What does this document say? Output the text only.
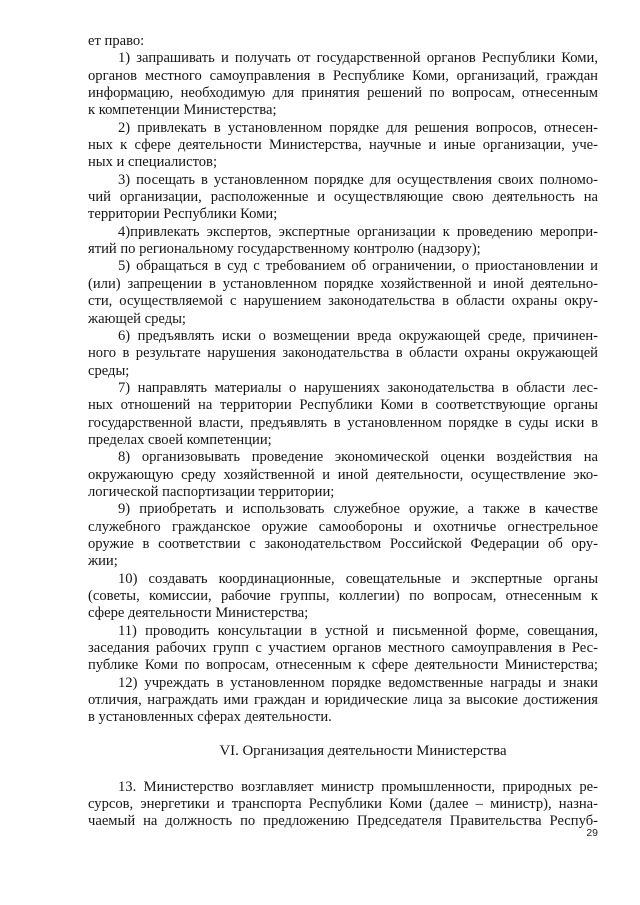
ет право:
1) запрашивать и получать от государственной органов Республики Коми,
органов местного самоуправления в Республике Коми, организаций, граждан
информацию, необходимую для принятия решений по вопросам, отнесенным
к компетенции Министерства;
2) привлекать в установленном порядке для решения вопросов, отнесен-
ных к сфере деятельности Министерства, научные и иные организации, уче-
ных и специалистов;
3) посещать в установленном порядке для осуществления своих полномо-
чий организации, расположенные и осуществляющие свою деятельность на
территории Республики Коми;
4)привлекать экспертов, экспертные организации к проведению меропри-
ятий по региональному государственному контролю (надзору);
5) обращаться в суд с требованием об ограничении, о приостановлении и
(или) запрещении в установленном порядке хозяйственной и иной деятельно-
сти, осуществляемой с нарушением законодательства в области охраны окру-
жающей среды;
6) предъявлять иски о возмещении вреда окружающей среде, причинен-
ного в результате нарушения законодательства в области охраны окружающей
среды;
7) направлять материалы о нарушениях законодательства в области лес-
ных отношений на территории Республики Коми в соответствующие органы
государственной власти, предъявлять в установленном порядке в суды иски в
пределах своей компетенции;
8) организовывать проведение экономической оценки воздействия на
окружающую среду хозяйственной и иной деятельности, осуществление эко-
логической паспортизации территории;
9) приобретать и использовать служебное оружие, а также в качестве
служебного гражданское оружие самообороны и охотничье огнестрельное
оружие в соответствии с законодательством Российской Федерации об ору-
жии;
10) создавать координационные, совещательные и экспертные органы
(советы, комиссии, рабочие группы, коллегии) по вопросам, отнесенным к
сфере деятельности Министерства;
11) проводить консультации в устной и письменной форме, совещания,
заседания рабочих групп с участием органов местного самоуправления в Рес-
публике Коми по вопросам, отнесенным к сфере деятельности Министерства;
12) учреждать в установленном порядке ведомственные награды и знаки
отличия, награждать ими граждан и юридические лица за высокие достижения
в установленных сферах деятельности.
VI. Организация деятельности Министерства
13. Министерство возглавляет министр промышленности, природных ре-
сурсов, энергетики и транспорта Республики Коми (далее – министр), назна-
чаемый на должность по предложению Председателя Правительства Респуб-
29
